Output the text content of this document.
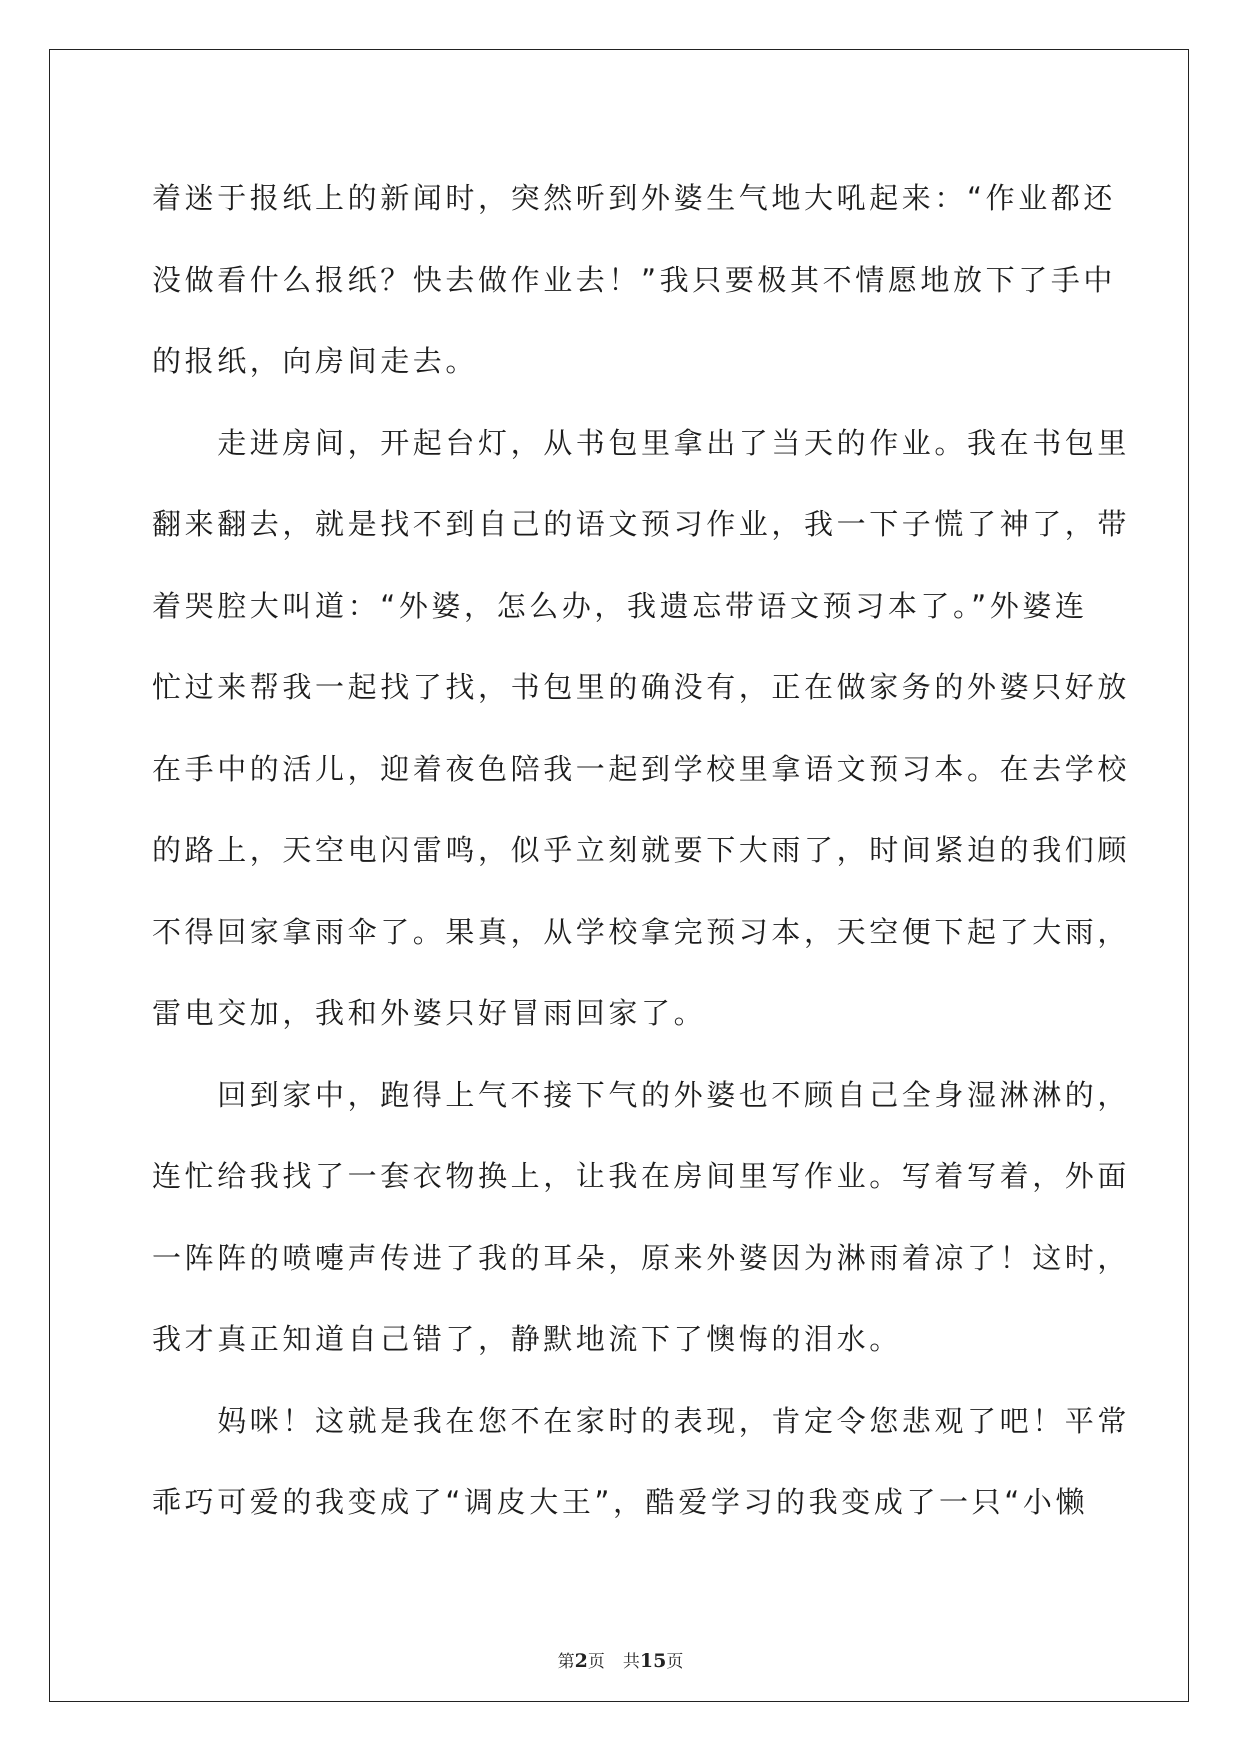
着迷于报纸上的新闻时，突然听到外婆生气地大吼起来：“作业都还
没做看什么报纸？快去做作业去！”我只要极其不情愿地放下了手中
的报纸，向房间走去。
　　走进房间，开起台灯，从书包里拿出了当天的作业。我在书包里
翻来翻去，就是找不到自己的语文预习作业，我一下子慌了神了，带
着哭腔大叫道：“外婆，怎么办，我遗忘带语文预习本了。”外婆连
忙过来帮我一起找了找，书包里的确没有，正在做家务的外婆只好放
在手中的活儿，迎着夜色陪我一起到学校里拿语文预习本。在去学校
的路上，天空电闪雷鸣，似乎立刻就要下大雨了，时间紧迫的我们顾
不得回家拿雨伞了。果真，从学校拿完预习本，天空便下起了大雨，
雷电交加，我和外婆只好冒雨回家了。
　　回到家中，跑得上气不接下气的外婆也不顾自己全身湿淋淋的，
连忙给我找了一套衣物换上，让我在房间里写作业。写着写着，外面
一阵阵的喷嚏声传进了我的耳朵，原来外婆因为淋雨着凉了！这时，
我才真正知道自己错了，静默地流下了懊悔的泪水。
　　妈咪！这就是我在您不在家时的表现，肯定令您悲观了吧！平常
乖巧可爱的我变成了“调皮大王”，酷爱学习的我变成了一只“小懒
第2页 共15页
